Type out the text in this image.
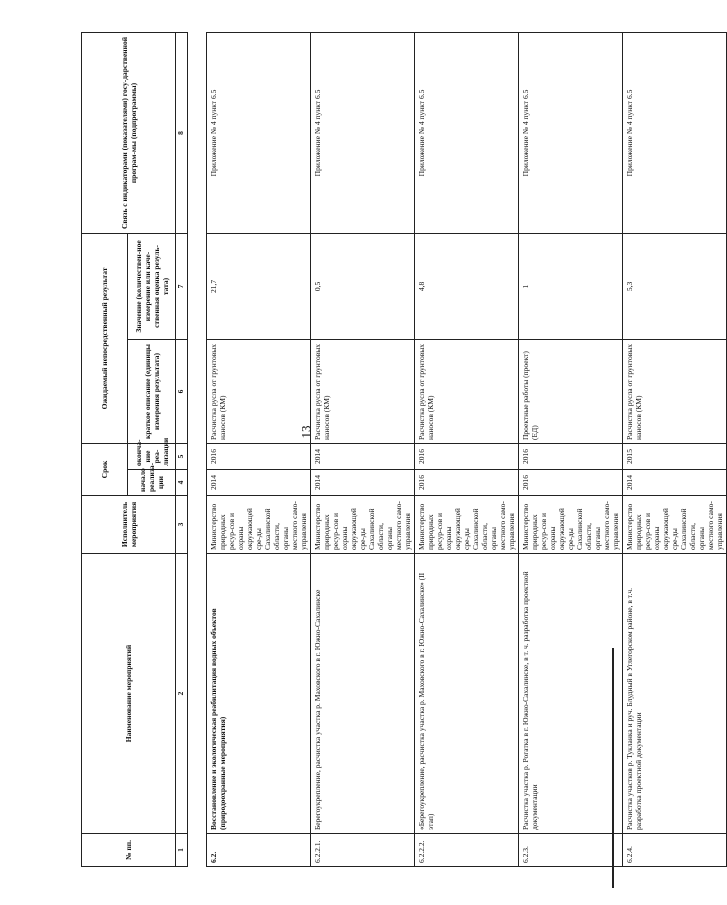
13
№ пп.	Наименование мероприятий	Исполнитель мероприятия	Срок		Ожидаемый непосредственный результат		Связь с индикаторами (показателями) госу-дарственной програм-мы (подпрограммы)
			начало реализа-ции	оконча-ние реа-лизации	краткое описание (единицы измерения результата)	Значение (количествен-ное измерение или каче-ственная оценка резуль-тата)	
1	2	3	4	5	6	7	8

6.2.	Восстановление и экологическая реабилитация водных объектов (природоохранные мероприятия)	Министерство природных ресур-сов и охраны окружающей сре-ды Сахалинской области, органы местного само-управления	2014	2016	Расчистка русла от грунтовых наносов (КМ)	21,7	Приложение № 4 пункт 6.5
6.2.2.1.	Берегоукрепление, расчистка участка р. Маховского в г. Южно-Сахалинске	Министерство природных ресур-сов и охраны окружающей сре-ды Сахалинской области, органы местного само-управления	2014	2014	Расчистка русла от грунтовых наносов (КМ)	0,5	Приложение № 4 пункт 6.5
6.2.2.2.	«Берегоукрепление, расчистка участка р. Маховского в г. Южно-Сахалинске» (II этап)	Министерство природных ресур-сов и охраны окружающей сре-ды Сахалинской области, органы местного само-управления	2016	2016	Расчистка русла от грунтовых наносов (КМ)	4,8	Приложение № 4 пункт 6.5
6.2.3.	Расчистка участка р. Рогатка в г. Южно-Сахалинске, в т. ч. разработка проектной документации	Министерство природных ресур-сов и охраны окружающей сре-ды Сахалинской области, органы местного само-управления	2016	2016	Проектные работы (проект) (ЕД)	1	Приложение № 4 пункт 6.5
6.2.4.	Расчистка участков р. Тукланка и руч. Блудный в Углегорском районе, в т.ч. разработка проектной документации	Министерство природных ресур-сов и охраны окружающей сре-ды Сахалинской области, органы местного само-управления	2014	2015	Расчистка русла от грунтовых наносов (КМ)	5,3	Приложение № 4 пункт 6.5
